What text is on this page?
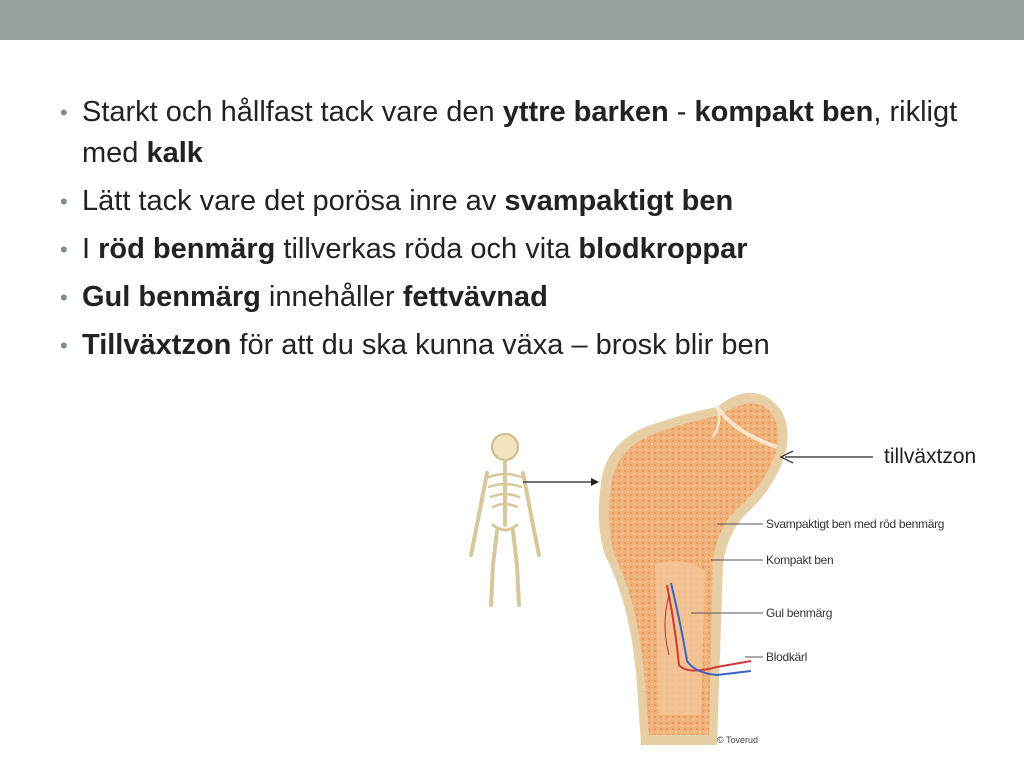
• Starkt och hållfast tack vare den yttre barken - kompakt ben, rikligt med kalk
• Lätt tack vare det porösa inre av svampaktigt ben
• I röd benmärg tillverkas röda och vita blodkroppar
• Gul benmärg innehåller fettvävnad
• Tillväxtzon för att du ska kunna växa – brosk blir ben
Svampaktigt ben med röd benmärg
Kompakt ben
Gul benmärg
Blodkärl
© Toverud
tillväxtzon
